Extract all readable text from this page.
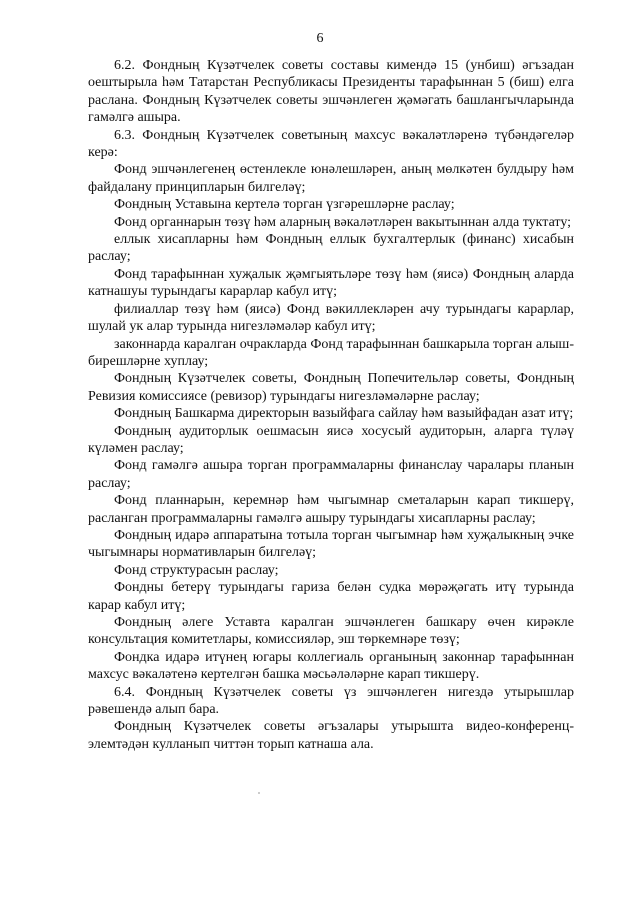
6

6.2. Фондның Күзәтчелек советы составы кимендә 15 (унбиш) әгъзадан оештырыла һәм Татарстан Республикасы Президенты тарафыннан 5 (биш) елга раслана. Фондның Күзәтчелек советы эшчәнлеген җәмәгать башлангычларында гамәлгә ашыра.

6.3. Фондның Күзәтчелек советының махсус вәкаләтләренә түбәндәгеләр керә:

Фонд эшчәнлегенең өстенлекле юнәлешләрен, аның мөлкәтен булдыру һәм файдалану принципларын билгеләү;

Фондның Уставына кертелә торган үзгәрешләрне раслау;

Фонд органнарын төзү һәм аларның вәкаләтләрен вакытыннан алда туктату;

еллык хисапларны һәм Фондның еллык бухгалтерлык (финанс) хисабын раслау;

Фонд тарафыннан хуҗалык җәмгыятьләре төзү һәм (яисә) Фондның аларда катнашуы турындагы карарлар кабул итү;

филиаллар төзү һәм (яисә) Фонд вәкиллекләрен ачу турындагы карарлар, шулай ук алар турында нигезләмәләр кабул итү;

законнарда каралган очракларда Фонд тарафыннан башкарыла торган алыш-бирешләрне хуплау;

Фондның Күзәтчелек советы, Фондның Попечительләр советы, Фондның Ревизия комиссиясе (ревизор) турындагы нигезләмәләрне раслау;

Фондның Башкарма директорын вазыйфага сайлау һәм вазыйфадан азат итү;

Фондның аудиторлык оешмасын яисә хосусый аудиторын, аларга түләү күләмен раслау;

Фонд гамәлгә ашыра торган программаларны финанслау чаралары планын раслау;

Фонд планнарын, керемнәр һәм чыгымнар сметаларын карап тикшерү, расланган программаларны гамәлгә ашыру турындагы хисапларны раслау;

Фондның идарә аппаратына тотыла торган чыгымнар һәм хуҗалыкның эчке чыгымнары нормативларын билгеләү;

Фонд структурасын раслау;

Фондны бетерү турындагы гариза белән судка мөрәҗәгать итү турында карар кабул итү;

Фондның әлеге Уставта каралган эшчәнлеген башкару өчен кирәкле консультация комитетлары, комиссияләр, эш төркемнәре төзү;

Фондка идарә итүнең югары коллегиаль органының законнар тарафыннан махсус вәкаләтенә кертелгән башка мәсьәләләрне карап тикшерү.

6.4. Фондның Күзәтчелек советы үз эшчәнлеген нигездә утырышлар рәвешендә алып бара.

Фондның Күзәтчелек советы әгъзалары утырышта видео-конференц-элемтәдән кулланып читтән торып катнаша ала.
